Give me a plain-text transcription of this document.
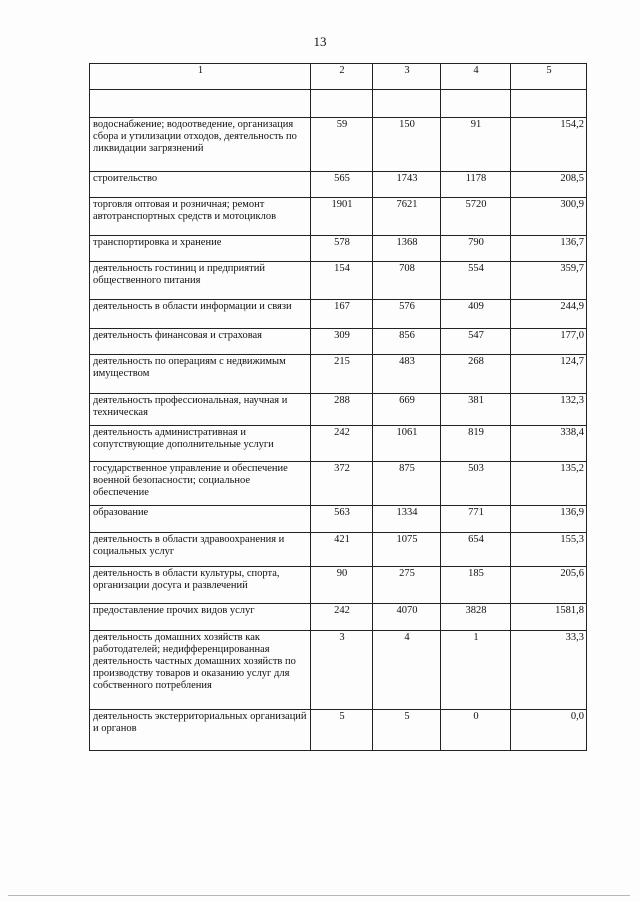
13
1	2	3	4	5

водоснабжение; водоотведение, организация сбора и утилизации отходов, деятельность по ликвидации загрязнений	59	150	91	154,2
строительство	565	1743	1178	208,5
торговля оптовая и розничная; ремонт автотранспортных средств и мотоциклов	1901	7621	5720	300,9
транспортировка и хранение	578	1368	790	136,7
деятельность гостиниц и предприятий общественного питания	154	708	554	359,7
деятельность в области информации и связи	167	576	409	244,9
деятельность финансовая и страховая	309	856	547	177,0
деятельность по операциям с недвижимым имуществом	215	483	268	124,7
деятельность профессиональная, научная и техническая	288	669	381	132,3
деятельность административная и сопутствующие дополнительные услуги	242	1061	819	338,4
государственное управление и обеспечение военной безопасности; социальное обеспечение	372	875	503	135,2
образование	563	1334	771	136,9
деятельность в области здравоохранения и социальных услуг	421	1075	654	155,3
деятельность в области культуры, спорта, организации досуга и развлечений	90	275	185	205,6
предоставление прочих видов услуг	242	4070	3828	1581,8
деятельность домашних хозяйств как работодателей; недифференцированная деятельность частных домашних хозяйств по производству товаров и оказанию услуг для собственного потребления	3	4	1	33,3
деятельность экстерриториальных организаций и органов	5	5	0	0,0
